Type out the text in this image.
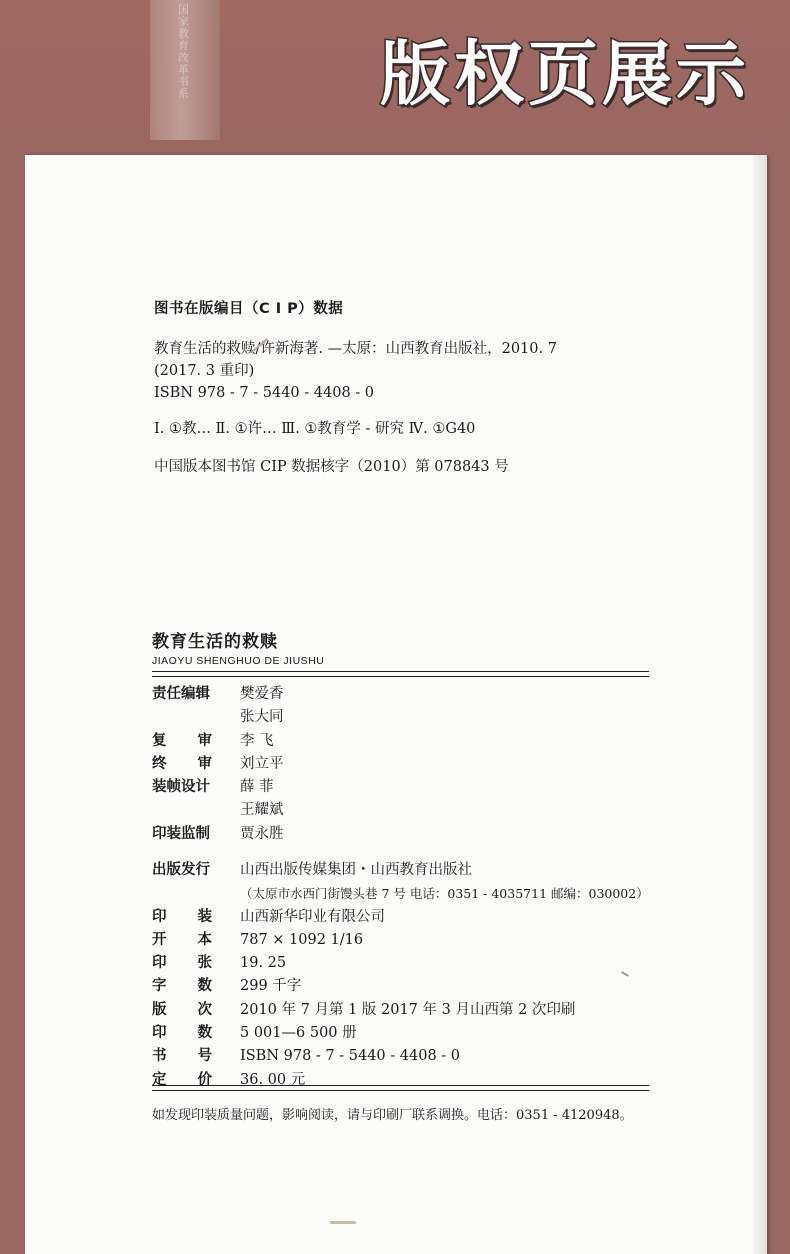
国家教育改革书系	版权页展示
图书在版编目（C I P）数据
教育生活的救赎/许新海著. —太原：山西教育出版社，2010. 7
(2017. 3 重印)
ISBN 978 - 7 - 5440 - 4408 - 0
Ⅰ. ①教… Ⅱ. ①许… Ⅲ. ①教育学 - 研究 Ⅳ. ①G40
中国版本图书馆 CIP 数据核字（2010）第 078843 号
教育生活的救赎
JIAOYU SHENGHUO DE JIUSHU
责任编辑	樊爱香
张大同
复 审 李 飞
终 审 刘立平
装帧设计	薛 菲
王耀斌
印装监制	贾永胜
出版发行	山西出版传媒集团・山西教育出版社
（太原市水西门街馒头巷 7 号 电话：0351 - 4035711 邮编：030002）
印 装 山西新华印业有限公司
开 本 787 × 1092 1/16
印 张 19. 25
字 数 299 千字
版 次 2010 年 7 月第 1 版 2017 年 3 月山西第 2 次印刷
印 数 5 001—6 500 册
书 号 ISBN 978 - 7 - 5440 - 4408 - 0
定 价 36. 00 元
如发现印装质量问题，影响阅读，请与印刷厂联系调换。电话：0351 - 4120948。
